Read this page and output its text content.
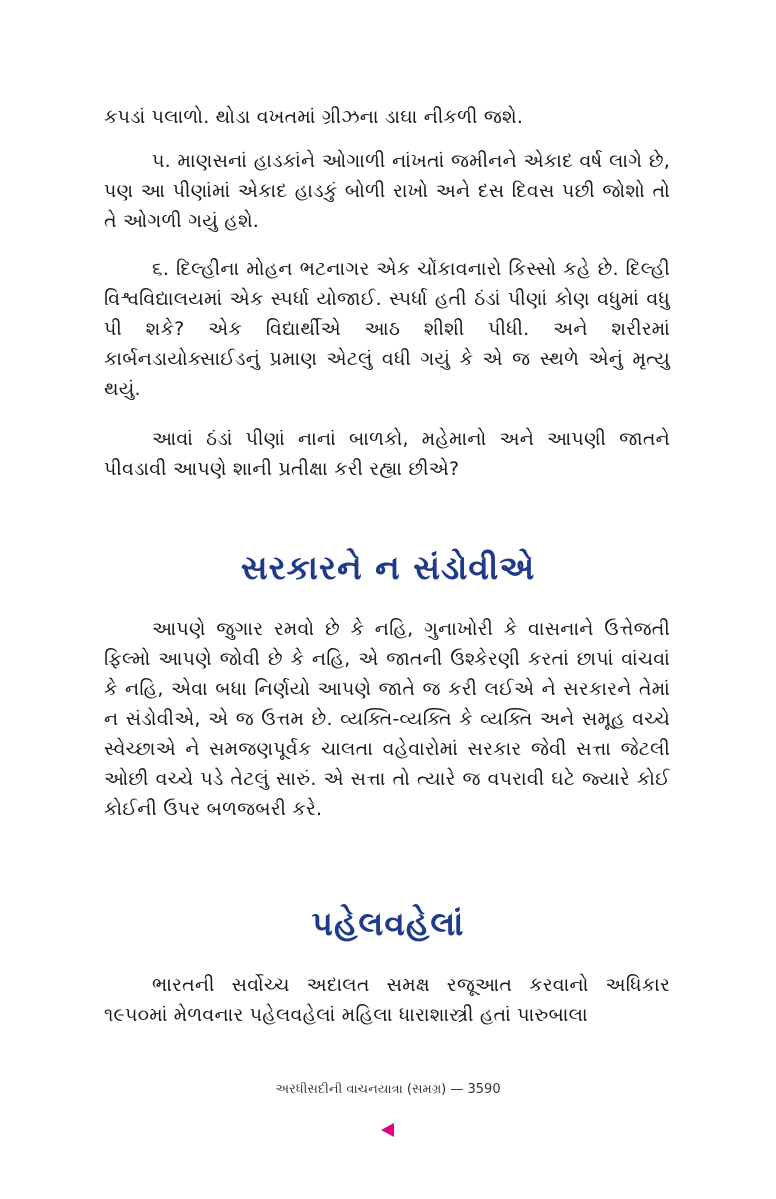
કપડાં પલાળો. થોડા વખતમાં ગ્રીઝના ડાઘા નીકળી જશે.

૫. માણસનાં હાડકાંને ઓગાળી નાંખતાં જમીનને એકાદ વર્ષ લાગે છે, પણ આ પીણાંમાં એકાદ હાડકું બોળી રાખો અને દસ દિવસ પછી જોશો તો તે ઓગળી ગયું હશે.

૬. દિલ્હીના મોહન ભટનાગર એક ચોંકાવનારો કિસ્સો કહે છે. દિલ્હી વિશ્વવિદ્યાલયમાં એક સ્પર્ધા યોજાઈ. સ્પર્ધા હતી ઠંડાં પીણાં કોણ વધુમાં વધુ પી શકે? એક વિદ્યાર્થીએ આઠ શીશી પીધી. અને શરીરમાં કાર્બનડાયોક્સાઈડનું પ્રમાણ એટલું વધી ગયું કે એ જ સ્થળે એનું મૃત્યુ થયું.

આવાં ઠંડાં પીણાં નાનાં બાળકો, મહેમાનો અને આપણી જાતને પીવડાવી આપણે શાની પ્રતીક્ષા કરી રહ્યા છીએ?

સરકારને ન સંડોવીએ

આપણે જુગાર રમવો છે કે નહિ, ગુનાખોરી કે વાસનાને ઉત્તેજતી ફિલ્મો આપણે જોવી છે કે નહિ, એ જાતની ઉશ્કેરણી કરતાં છાપાં વાંચવાં કે નહિ, એવા બધા નિર્ણયો આપણે જાતે જ કરી લઈએ ને સરકારને તેમાં ન સંડોવીએ, એ જ ઉત્તમ છે. વ્યક્તિ-વ્યક્તિ કે વ્યક્તિ અને સમૂહ વચ્ચે સ્વેચ્છાએ ને સમજણપૂર્વક ચાલતા વહેવારોમાં સરકાર જેવી સત્તા જેટલી ઓછી વચ્ચે પડે તેટલું સારું. એ સત્તા તો ત્યારે જ વપરાવી ઘટે જ્યારે કોઈ કોઈની ઉપર બળજબરી કરે.

પહેલવહેલાં

ભારતની સર્વોચ્ચ અદાલત સમક્ષ રજૂઆત કરવાનો અધિકાર ૧૯૫૦માં મેળવનાર પહેલવહેલાં મહિલા ધારાશાસ્ત્રી હતાં પારુબાલા

અરધીસદીની વાચનયાત્રા (સમગ્ર) — 3590
